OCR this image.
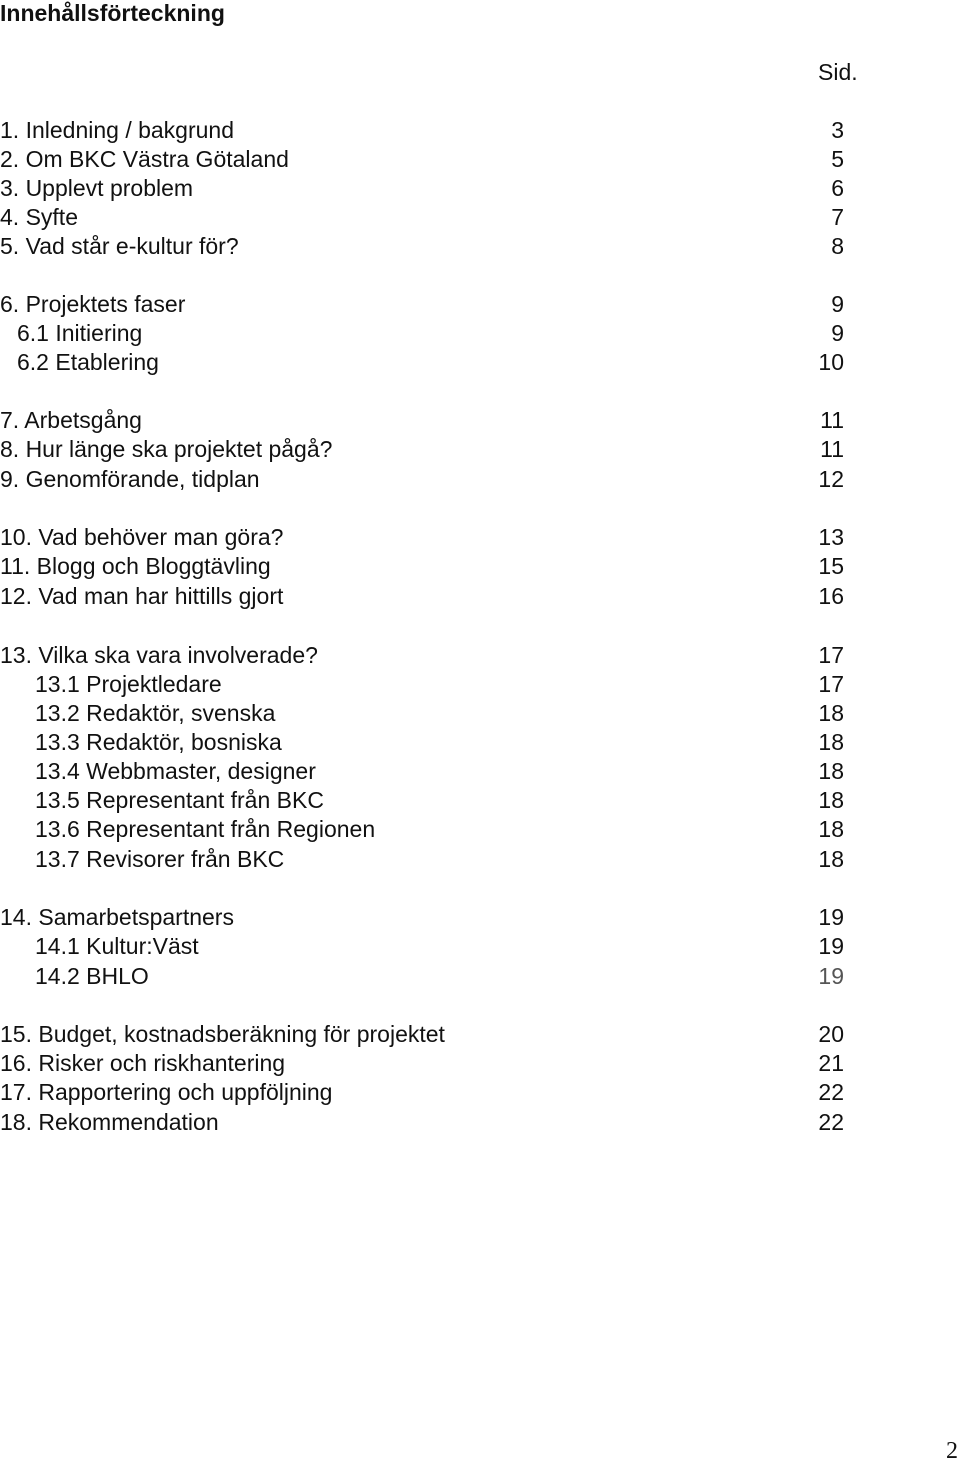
Innehållsförteckning
Sid.
1. Inledning / bakgrund	3
2. Om BKC Västra Götaland	5
3. Upplevt problem	6
4. Syfte	7
5. Vad står e-kultur för?	8
6. Projektets faser	9
6.1 Initiering	9
6.2 Etablering	10
7. Arbetsgång	11
8. Hur länge ska projektet pågå?	11
9. Genomförande, tidplan	12
10. Vad behöver man göra?	13
11. Blogg och Bloggtävling	15
12. Vad man har hittills gjort	16
13. Vilka ska vara involverade?	17
13.1 Projektledare	17
13.2 Redaktör, svenska	18
13.3 Redaktör, bosniska	18
13.4 Webbmaster, designer	18
13.5 Representant från BKC	18
13.6 Representant från Regionen	18
13.7 Revisorer från BKC	18
14. Samarbetspartners	19
14.1 Kultur:Väst	19
14.2 BHLO	19
15. Budget, kostnadsberäkning för projektet	20
16. Risker och riskhantering	21
17. Rapportering och uppföljning	22
18. Rekommendation	22
2
